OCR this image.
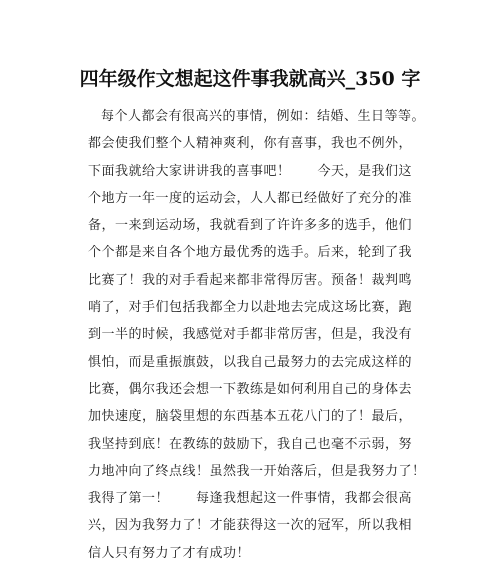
四年级作文想起这件事我就高兴_350 字
每个人都会有很高兴的事情，例如：结婚、生日等等。
都会使我们整个人精神爽利，你有喜事，我也不例外，
下面我就给大家讲讲我的喜事吧！　　今天，是我们这
个地方一年一度的运动会，人人都已经做好了充分的准
备，一来到运动场，我就看到了许许多多的选手，他们
个个都是来自各个地方最优秀的选手。后来，轮到了我
比赛了！我的对手看起来都非常得厉害。预备！裁判鸣
哨了，对手们包括我都全力以赴地去完成这场比赛，跑
到一半的时候，我感觉对手都非常厉害，但是，我没有
惧怕，而是重振旗鼓，以我自己最努力的去完成这样的
比赛，偶尔我还会想一下教练是如何利用自己的身体去
加快速度，脑袋里想的东西基本五花八门的了！最后，
我坚持到底！在教练的鼓励下，我自己也毫不示弱，努
力地冲向了终点线！虽然我一开始落后，但是我努力了！
我得了第一！　　每逢我想起这一件事情，我都会很高
兴，因为我努力了！才能获得这一次的冠军，所以我相
信人只有努力了才有成功！
